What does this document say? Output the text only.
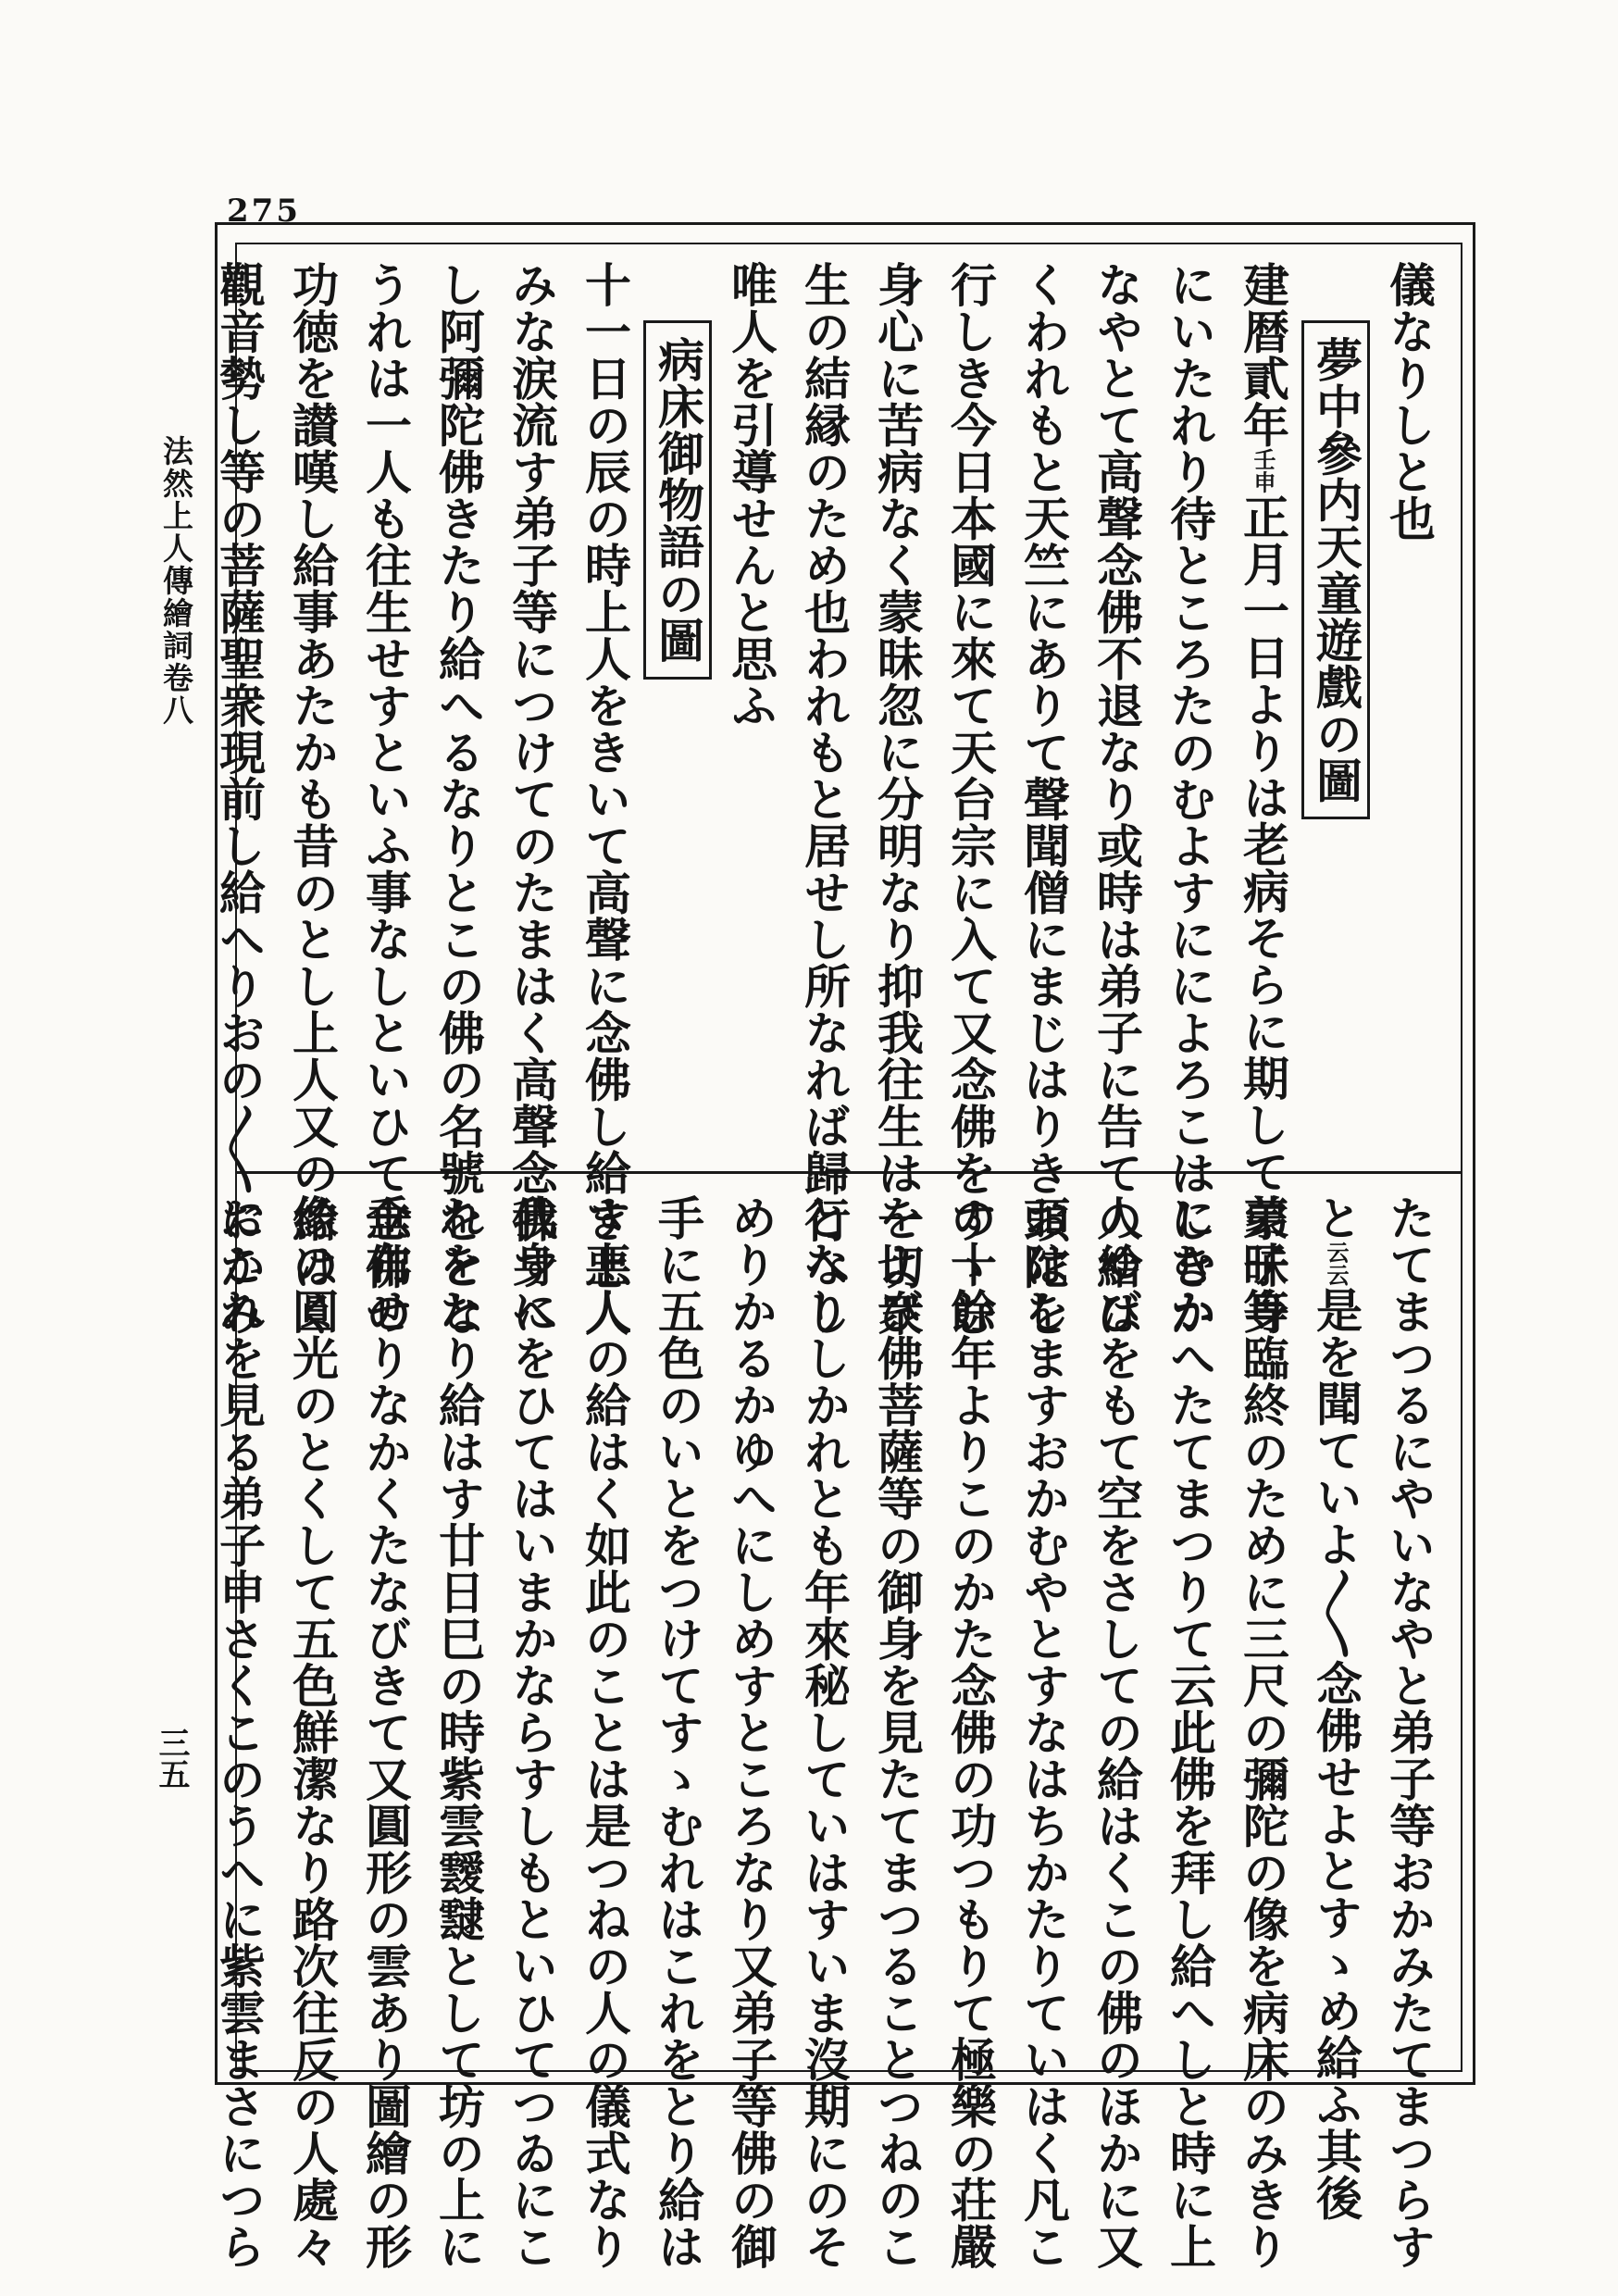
275
法然上人傳繪詞卷八
三五
儀なりしと也
夢中參内天童遊戲の圖
建暦貳年壬申正月一日よりは老病そらに期して蒙昧身
にいたれり待ところたのむよすにによろこはしきか
なやとて高聲念佛不退なり或時は弟子に告ての給は
くわれもと天竺にありて聲聞僧にまじはりき頭陀を
行しき今日本國に來て天台宗に入て又念佛をすゝむ
身心に苦病なく蒙昧忽に分明なり抑我往生は一切衆
生の結縁のため也われもと居せし所なれば歸行へし
唯人を引導せんと思ふ
病床御物語の圖
十一日の辰の時上人をきいて高聲に念佛し給き悪人
みな涙流す弟子等につけてのたまはく高聲念佛すへ
し阿彌陀佛きたり給へるなりとこの佛の名號をとな
うれは一人も往生せすといふ事なしといひて念佛の
功徳を讃嘆し給事あたかも昔のとし上人又の給はく
觀音勢し等の菩薩聖衆現前し給へりおの〳〵おかみ
たてまつるにやいなやと弟子等おかみたてまつらす
と云云是を聞ていよ〳〵念佛せよとすゝめ給ふ其後
弟子等臨終のために三尺の彌陀の像を病床のみきり
にむかへたてまつりて云此佛を拜し給へしと時に上
人ゆびをもて空をさしての給はくこの佛のほかに又
おはしますおかむやとすなはちかたりていはく凡こ
の十餘年よりこのかた念佛の功つもりて極樂の荘嚴
をよび佛菩薩等の御身を見たてまつることつねのこ
となりしかれとも年來秘していはすいま沒期にのそ
めりかるかゆへにしめすところなり又弟子等佛の御
手に五色のいとをつけてすゝむれはこれをとり給は
す上人の給はく如此のことは是つねの人の儀式なり
我身にをひてはいまかならすしもといひてつゐにこ
れをとり給はす廿日巳の時紫雲靉靆として坊の上に
垂布せりなかくたなびきて又圓形の雲あり圖繪の形
像の圓光のとくして五色鮮潔なり路次往反の人處々
にこれを見る弟子申さくこのうへに紫雲まさにつら
